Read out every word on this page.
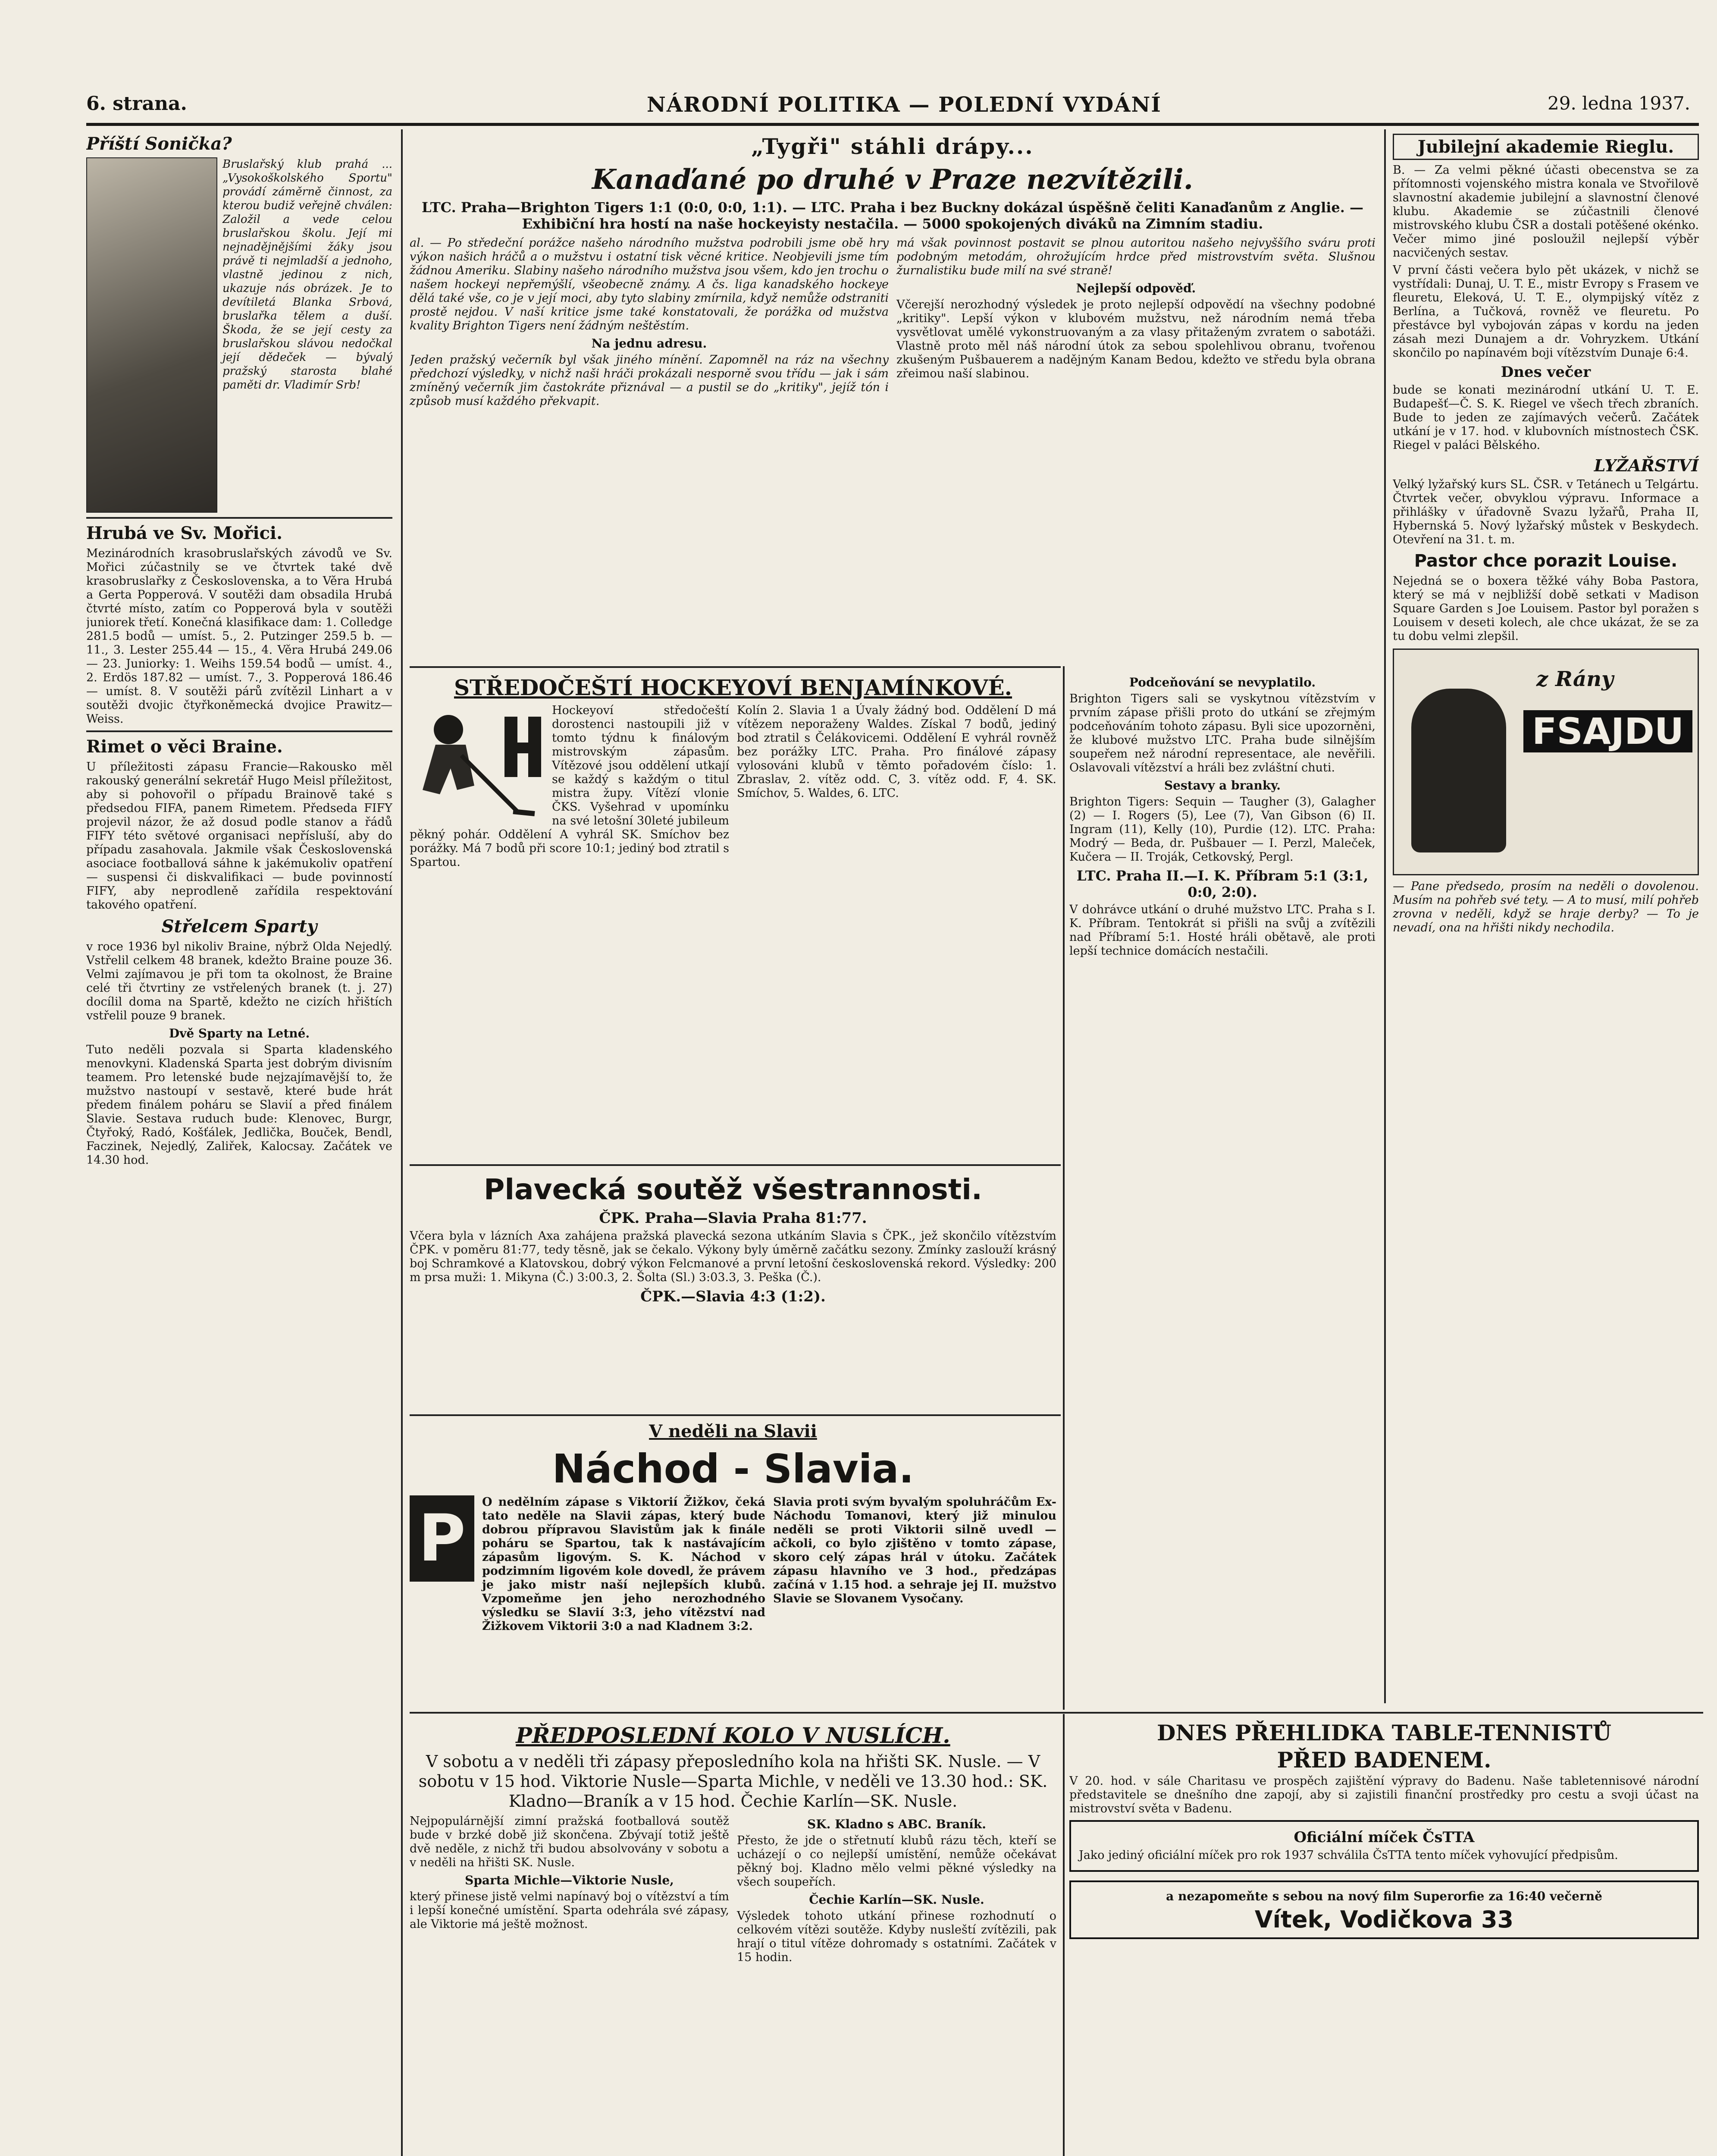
6. strana.	NÁRODNÍ POLITIKA — POLEDNÍ VYDÁNÍ	29. ledna 1937.
Příští Sonička?

Bruslařský klub prahá ... „Vysokoškolského Sportu" provádí záměrně činnost, za kterou budiž veřejně chválen: Založil a vede celou bruslařskou školu. Její mi nejnadějnějšími žáky jsou právě ti nejmladší a jednoho, vlastně jedinou z nich, ukazuje nás obrázek. Je to devítiletá Blanka Srbová, bruslařka tělem a duší. Škoda, že se její cesty za bruslařskou slávou nedočkal její dědeček — bývalý pražský starosta blahé paměti dr. Vladimír Srb!

Hrubá ve Sv. Mořici.

Mezinárodních krasobruslařských závodů ve Sv. Mořici zúčastnily se ve čtvrtek také dvě krasobruslařky z Československa, a to Věra Hrubá a Gerta Popperová. V soutěži dam obsadila Hrubá čtvrté místo, zatím co Popperová byla v soutěži juniorek třetí. Konečná klasifikace dam: 1. Colledge 281.5 bodů — umíst. 5., 2. Putzinger 259.5 b. — 11., 3. Lester 255.44 — 15., 4. Věra Hrubá 249.06 — 23. Juniorky: 1. Weihs 159.54 bodů — umíst. 4., 2. Erdös 187.82 — umíst. 7., 3. Popperová 186.46 — umíst. 8. V soutěži párů zvítězil Linhart a v soutěži dvojic čtyřkoněmecká dvojice Prawitz—Weiss.

Rimet o věci Braine.

U příležitosti zápasu Francie—Rakousko měl rakouský generální sekretář Hugo Meisl příležitost, aby si pohovořil o případu Brainově také s předsedou FIFA, panem Rimetem. Předseda FIFY projevil názor, že až dosud podle stanov a řádů FIFY této světové organisaci nepřísluší, aby do případu zasahovala. Jakmile však Československá asociace footballová sáhne k jakémukoliv opatření — suspensi či diskvalifikaci — bude povinností FIFY, aby neprodleně zařídila respektování takového opatření.

Střelcem Sparty

v roce 1936 byl nikoliv Braine, nýbrž Olda Nejedlý. Vstřelil celkem 48 branek, kdežto Braine pouze 36. Velmi zajímavou je při tom ta okolnost, že Braine celé tři čtvrtiny ze vstřelených branek (t. j. 27) docílil doma na Spartě, kdežto ne cizích hřištích vstřelil pouze 9 branek.

Dvě Sparty na Letné.

Tuto neděli pozvala si Sparta kladenského menovkyni. Kladenská Sparta jest dobrým divisním teamem. Pro letenské bude nejzajímavější to, že mužstvo nastoupí v sestavě, které bude hrát předem finálem poháru se Slavií a před finálem Slavie. Sestava ruduch bude: Klenovec, Burgr, Čtyřoký, Radó, Košťálek, Jedlička, Bouček, Bendl, Faczinek, Nejedlý, Zaliřek, Kalocsay. Začátek ve 14.30 hod.

„Tygři" stáhli drápy...
Kanaďané po druhé v Praze nezvítězili.
LTC. Praha—Brighton Tigers 1:1 (0:0, 0:0, 1:1). — LTC. Praha i bez Buckny dokázal úspěšně čeliti Kanaďanům z Anglie. — Exhibiční hra hostí na naše hockeyisty nestačila. — 5000 spokojených diváků na Zimním stadiu.

al. — Po středeční porážce našeho národního mužstva podrobili jsme obě hry výkon našich hráčů a o mužstvu i ostatní tisk věcné kritice. Neobjevili jsme tím žádnou Ameriku. Slabiny našeho národního mužstva jsou všem, kdo jen trochu o našem hockeyi nepřemýšlí, všeobecně známy. A čs. liga kanadského hockeye dělá také vše, co je v její moci, aby tyto slabiny zmírnila, když nemůže odstraniti prostě nejdou. V naší kritice jsme také konstatovali, že porážka od mužstva kvality Brighton Tigers není žádným neštěstím.

Na jednu adresu.

Jeden pražský večerník byl však jiného mínění. Zapomněl na ráz na všechny předchozí výsledky, v nichž naši hráči prokázali nesporně svou třídu — jak i sám zmíněný večerník jim častokráte přiznával — a pustil se do „kritiky", jejíž tón i způsob musí každého překvapit.

má však povinnost postavit se plnou autoritou našeho nejvyššího sváru proti podobným metodám, ohrožujícím hrdce před mistrovstvím světa. Slušnou žurnalistiku bude milí na své straně!

Nejlepší odpověď.

Včerejší nerozhodný výsledek je proto nejlepší odpovědí na všechny podobné „kritiky". Lepší výkon v klubovém mužstvu, než národním nemá třeba vysvětlovat umělé vykonstruovaným a za vlasy přitaženým zvratem o sabotáži. Vlastně proto měl náš národní útok za sebou spolehlivou obranu, tvořenou zkušeným Pušbauerem a nadějným Kanam Bedou, kdežto ve středu byla obrana zřeimou naší slabinou.

Podceňování se nevyplatilo.

Brighton Tigers sali se vyskytnou vítězstvím v prvním zápase přišli proto do utkání se zřejmým podceňováním tohoto zápasu. Byli sice upozorněni, že klubové mužstvo LTC. Praha bude silnějším soupeřem než národní representace, ale nevěřili. Oslavovali vítězství a hráli bez zvláštní chuti.

Sestavy a branky.

Brighton Tigers: Sequin — Taugher (3), Galagher (2) — I. Rogers (5), Lee (7), Van Gibson (6) II. Ingram (11), Kelly (10), Purdie (12). LTC. Praha: Modrý — Beda, dr. Pušbauer — I. Perzl, Maleček, Kučera — II. Troják, Cetkovský, Pergl.

LTC. Praha II.—I. K. Příbram 5:1 (3:1, 0:0, 2:0).

V dohrávce utkání o druhé mužstvo LTC. Praha s I. K. Příbram. Tentokrát si přišli na svůj a zvítězili nad Příbramí 5:1. Hosté hráli obětavě, ale proti lepší technice domácích nestačili.

STŘEDOČEŠTÍ HOCKEYOVÍ BENJAMÍNKOVÉ.

Hockeyoví středočeští dorostenci nastoupili již v tomto týdnu k finálovým mistrovským zápasům. Vítězové jsou oddělení utkají se každý s každým o titul mistra župy. Vítězí vlonie ČKS. Vyšehrad v upomínku na své letošní 30leté jubileum pěkný pohár. Oddělení A vyhrál SK. Smíchov bez porážky. Má 7 bodů při score 10:1; jediný bod ztratil s Spartou.

Kolín 2. Slavia 1 a Úvaly žádný bod. Oddělení D má vítězem neporaženy Waldes. Získal 7 bodů, jediný bod ztratil s Čelákovicemi. Oddělení E vyhrál rovněž bez porážky LTC. Praha. Pro finálové zápasy vylosováni klubů v těmto pořadovém číslo: 1. Zbraslav, 2. vítěz odd. C, 3. vítěz odd. F, 4. SK. Smíchov, 5. Waldes, 6. LTC.

Plavecká soutěž všestrannosti.
ČPK. Praha—Slavia Praha 81:77.

Včera byla v lázních Axa zahájena pražská plavecká sezona utkáním Slavia s ČPK., jež skončilo vítězstvím ČPK. v poměru 81:77, tedy těsně, jak se čekalo. Výkony byly úměrně začátku sezony. Zmínky zaslouží krásný boj Schramkové a Klatovskou, dobrý výkon Felcmanové a první letošní československá rekord. Výsledky: 200 m prsa muži: 1. Mikyna (Č.) 3:00.3, 2. Šolta (Sl.) 3:03.3, 3. Peška (Č.).

ČPK.—Slavia 4:3 (1:2).
V neděli na Slavii
Náchod - Slavia.
P	O nedělním zápase s Viktorií Žižkov, čeká tato neděle na Slavii zápas, který bude dobrou přípravou Slavistům jak k finále poháru se Spartou, tak k nastávajícím zápasům ligovým. S. K. Náchod v podzimním ligovém kole dovedl, že právem je jako mistr naší nejlepších klubů. Vzpomeňme jen jeho nerozhodného výsledku se Slavií 3:3, jeho vítězství nad Žižkovem Viktorii 3:0 a nad Kladnem 3:2.

Slavia proti svým byvalým spoluhráčům Ex-Náchodu Tomanovi, který již minulou neděli se proti Viktorii silně uvedl — ačkoli, co bylo zjištěno v tomto zápase, skoro celý zápas hrál v útoku. Začátek zápasu hlavního ve 3 hod., předzápas začíná v 1.15 hod. a sehraje jej II. mužstvo Slavie se Slovanem Vysočany.

PŘEDPOSLEDNÍ KOLO V NUSLÍCH.

V sobotu a v neděli tři zápasy přeposledního kola na hřišti SK. Nusle. — V sobotu v 15 hod. Viktorie Nusle—Sparta Michle, v neděli ve 13.30 hod.: SK. Kladno—Braník a v 15 hod. Čechie Karlín—SK. Nusle.

Nejpopulárnější zimní pražská footballová soutěž bude v brzké době již skončena. Zbývají totiž ještě dvě neděle, z nichž tři budou absolvovány v sobotu a v neděli na hřišti SK. Nusle.

Sparta Michle—Viktorie Nusle,

který přinese jistě velmi napínavý boj o vítězství a tím i lepší konečné umístění. Sparta odehrála své zápasy, ale Viktorie má ještě možnost.

SK. Kladno s ABC. Braník.

Přesto, že jde o střetnutí klubů rázu těch, kteří se ucházejí o co nejlepší umístění, nemůže očekávat pěkný boj. Kladno mělo velmi pěkné výsledky na všech soupeřích.

Čechie Karlín—SK. Nusle.

Výsledek tohoto utkání přinese rozhodnutí o celkovém vítězi soutěže. Kdyby nusleští zvítězili, pak hrají o titul vítěze dohromady s ostatními. Začátek v 15 hodin.

Jubilejní akademie Rieglu.

B. — Za velmi pěkné účasti obecenstva se za přítomnosti vojenského mistra konala ve Stvořilově slavnostní akademie jubilejní a slavnostní členové klubu. Akademie se zúčastnili členové mistrovského klubu ČSR a dostali potěšené okénko. Večer mimo jiné posloužil nejlepší výběr nacvičených sestav.

V první části večera bylo pět ukázek, v nichž se vystřídali: Dunaj, U. T. E., mistr Evropy s Frasem ve fleuretu, Eleková, U. T. E., olympijský vítěz z Berlína, a Tučková, rovněž ve fleuretu. Po přestávce byl vybojován zápas v kordu na jeden zásah mezi Dunajem a dr. Vohryzkem. Utkání skončilo po napínavém boji vítězstvím Dunaje 6:4.

Dnes večer

bude se konati mezinárodní utkání U. T. E. Budapešť—Č. S. K. Riegel ve všech třech zbraních. Bude to jeden ze zajímavých večerů. Začátek utkání je v 17. hod. v klubovních místnostech ČSK. Riegel v paláci Bělského.

LYŽAŘSTVÍ

Velký lyžařský kurs SL. ČSR. v Tetánech u Telgártu. Čtvrtek večer, obvyklou výpravu. Informace a přihlášky v úřadovně Svazu lyžařů, Praha II, Hybernská 5. Nový lyžařský můstek v Beskydech. Otevření na 31. t. m.

Pastor chce porazit Louise.

Nejedná se o boxera těžké váhy Boba Pastora, který se má v nejbližší době setkati v Madison Square Garden s Joe Louisem. Pastor byl poražen s Louisem v deseti kolech, ale chce ukázat, že se za tu dobu velmi zlepšil.

z Rány
FSAJDU

— Pane předsedo, prosím na neděli o dovolenou. Musím na pohřeb své tety. — A to musí, milí pohřeb zrovna v neděli, když se hraje derby? — To je nevadí, ona na hřišti nikdy nechodila.

DNES PŘEHLIDKA TABLE-TENNISTŮ
PŘED BADENEM.

V 20. hod. v sále Charitasu ve prospěch zajištění výpravy do Badenu. Naše tabletennisové národní představitele se dnešního dne zapojí, aby si zajistili finanční prostředky pro cestu a svoji účast na mistrovství světa v Badenu.

Oficiální míček ČsTTA

Jako jediný oficiální míček pro rok 1937 schválila ČsTTA tento míček vyhovující předpisům.

a nezapomeňte s sebou na nový film Superorfie za 16:40 večerně
Vítek, Vodičkova 33
